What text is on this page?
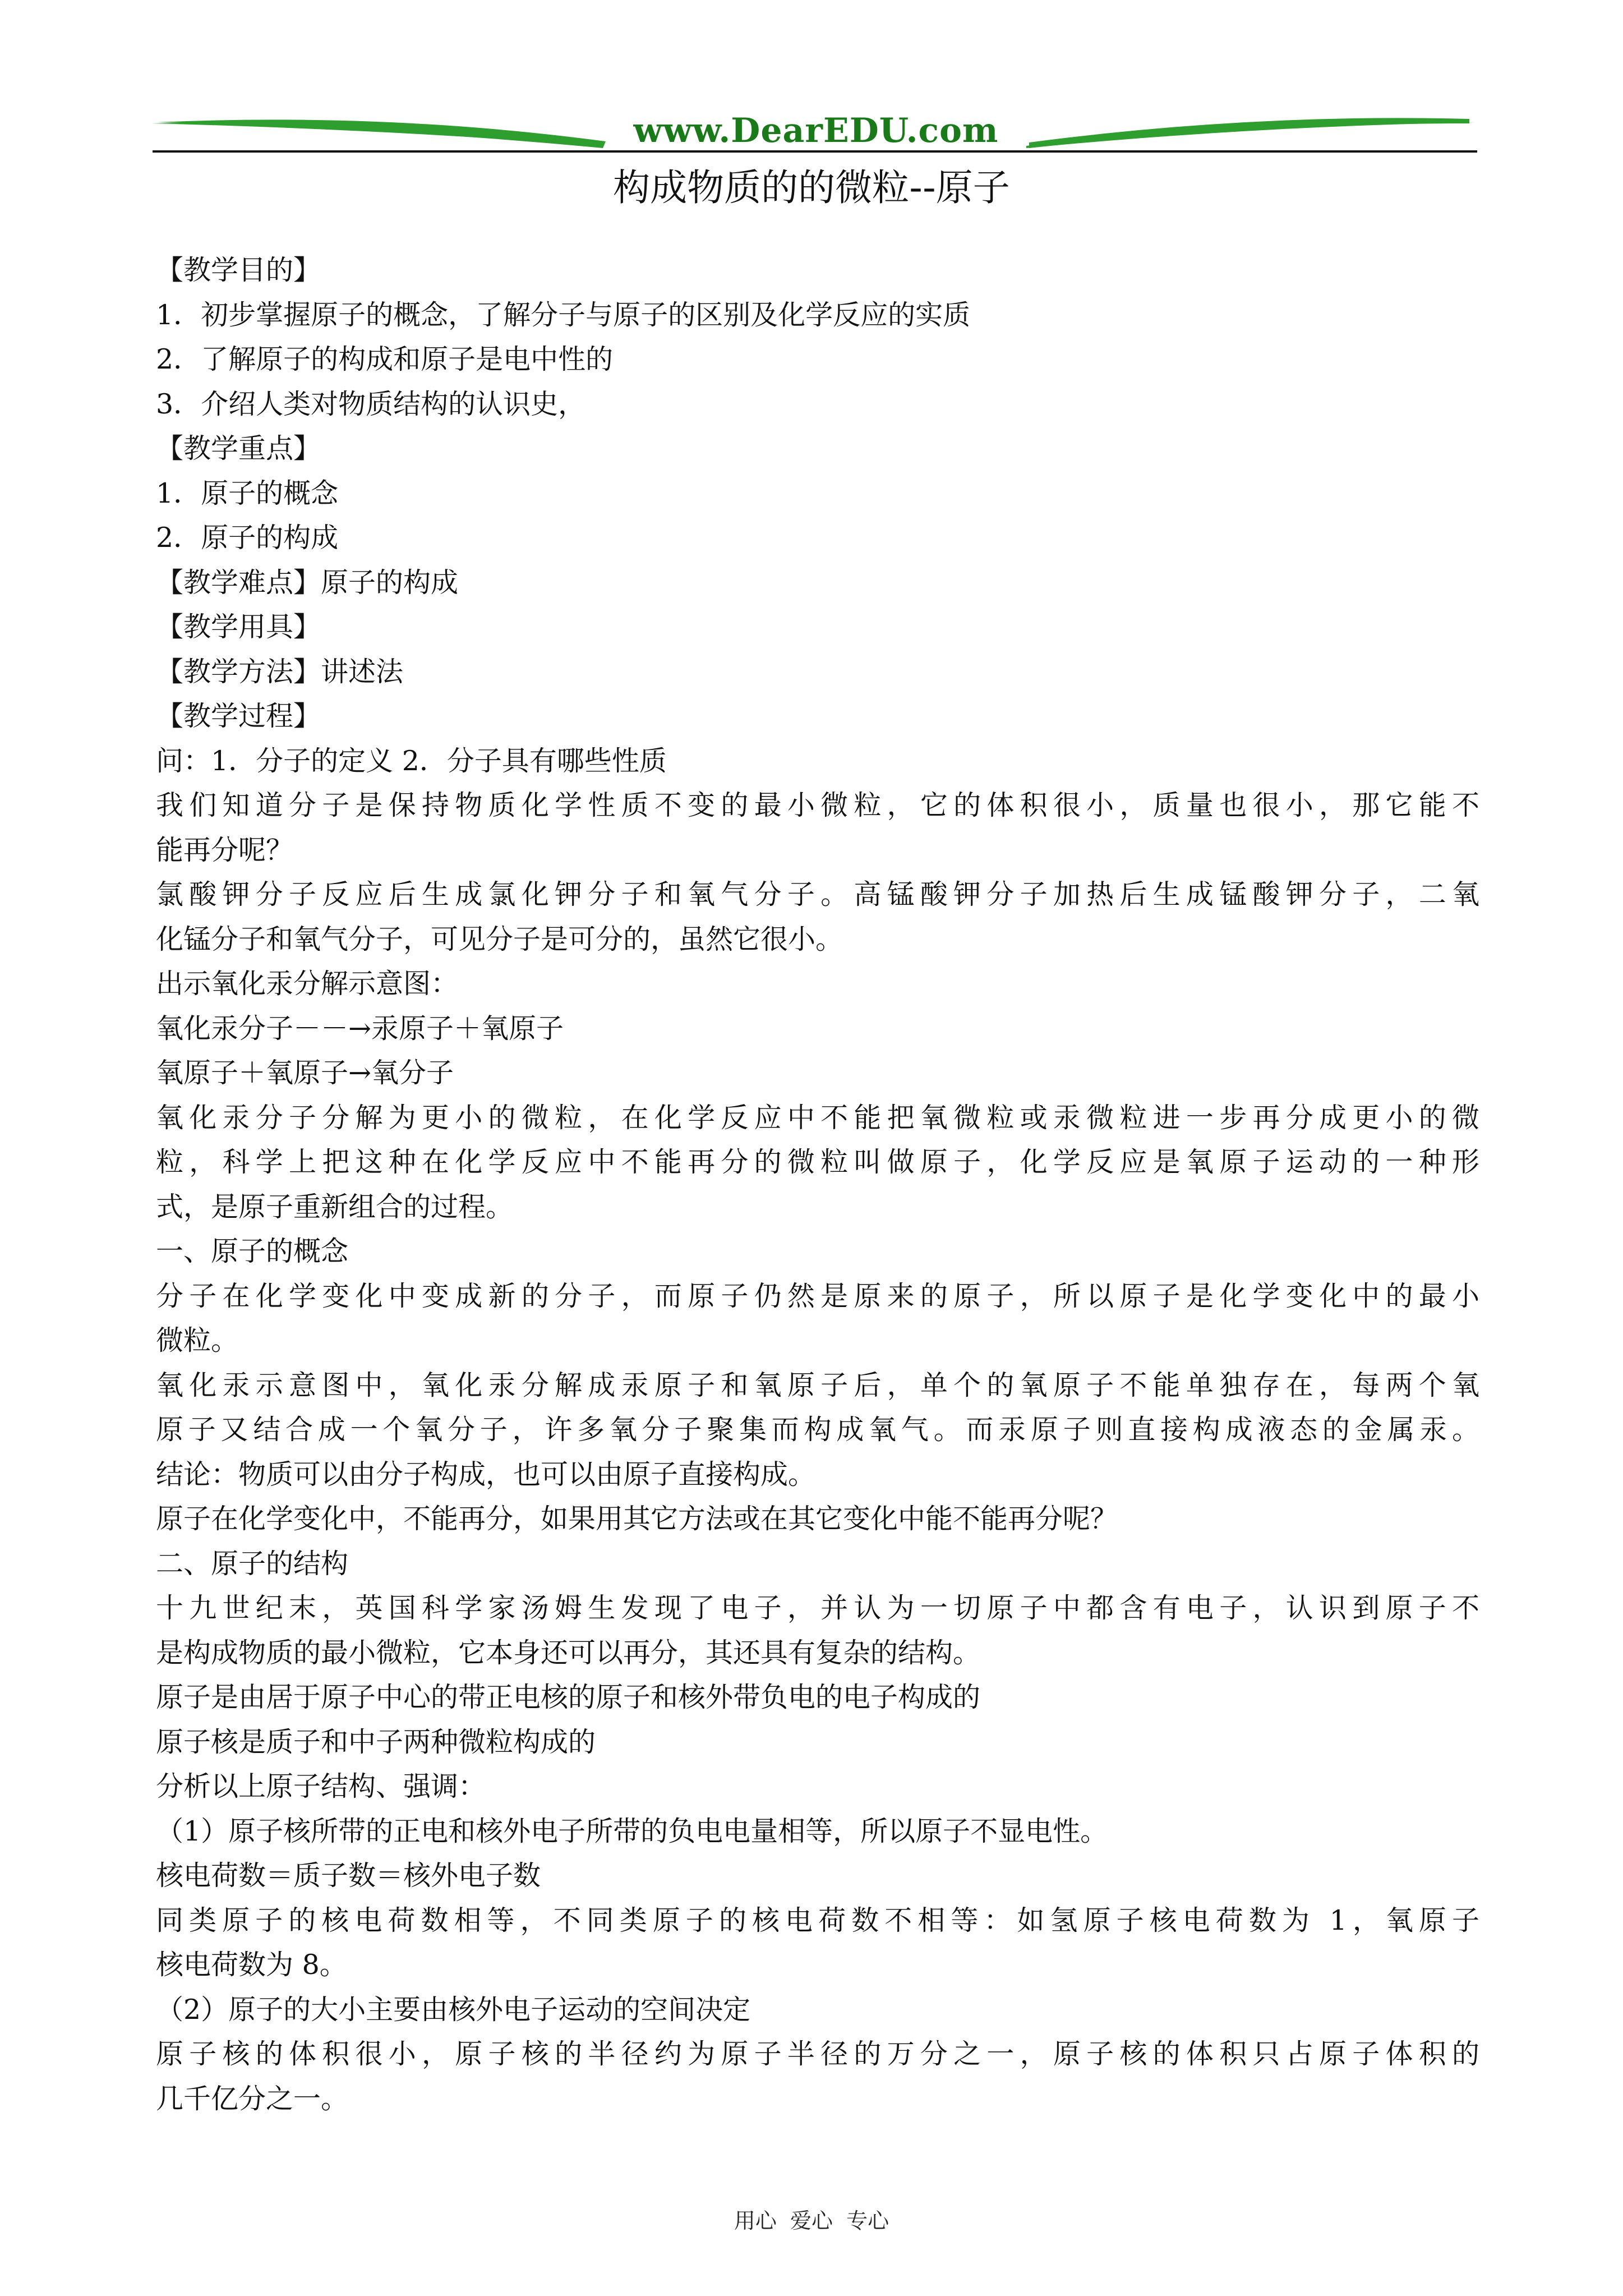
www.DearEDU.com
构成物质的的微粒--原子
【教学目的】
1．初步掌握原子的概念，了解分子与原子的区别及化学反应的实质
2．了解原子的构成和原子是电中性的
3．介绍人类对物质结构的认识史，
【教学重点】
1．原子的概念
2．原子的构成
【教学难点】原子的构成
【教学用具】
【教学方法】讲述法
【教学过程】
问：1．分子的定义 2．分子具有哪些性质
我们知道分子是保持物质化学性质不变的最小微粒，它的体积很小，质量也很小，那它能不
能再分呢？
氯酸钾分子反应后生成氯化钾分子和氧气分子。高锰酸钾分子加热后生成锰酸钾分子，二氧
化锰分子和氧气分子，可见分子是可分的，虽然它很小。
出示氧化汞分解示意图：
氧化汞分子－－→汞原子＋氧原子
氧原子＋氧原子→氧分子
氧化汞分子分解为更小的微粒，在化学反应中不能把氧微粒或汞微粒进一步再分成更小的微
粒，科学上把这种在化学反应中不能再分的微粒叫做原子，化学反应是氧原子运动的一种形
式，是原子重新组合的过程。
一、原子的概念
分子在化学变化中变成新的分子，而原子仍然是原来的原子，所以原子是化学变化中的最小
微粒。
氧化汞示意图中，氧化汞分解成汞原子和氧原子后，单个的氧原子不能单独存在，每两个氧
原子又结合成一个氧分子，许多氧分子聚集而构成氧气。而汞原子则直接构成液态的金属汞。
结论：物质可以由分子构成，也可以由原子直接构成。
原子在化学变化中，不能再分，如果用其它方法或在其它变化中能不能再分呢？
二、原子的结构
十九世纪末，英国科学家汤姆生发现了电子，并认为一切原子中都含有电子，认识到原子不
是构成物质的最小微粒，它本身还可以再分，其还具有复杂的结构。
原子是由居于原子中心的带正电核的原子和核外带负电的电子构成的
原子核是质子和中子两种微粒构成的
分析以上原子结构、强调：
（1）原子核所带的正电和核外电子所带的负电电量相等，所以原子不显电性。
核电荷数＝质子数＝核外电子数
同类原子的核电荷数相等，不同类原子的核电荷数不相等：如氢原子核电荷数为 1，氧原子
核电荷数为 8。
（2）原子的大小主要由核外电子运动的空间决定
原子核的体积很小，原子核的半径约为原子半径的万分之一，原子核的体积只占原子体积的
几千亿分之一。
用心  爱心  专心
